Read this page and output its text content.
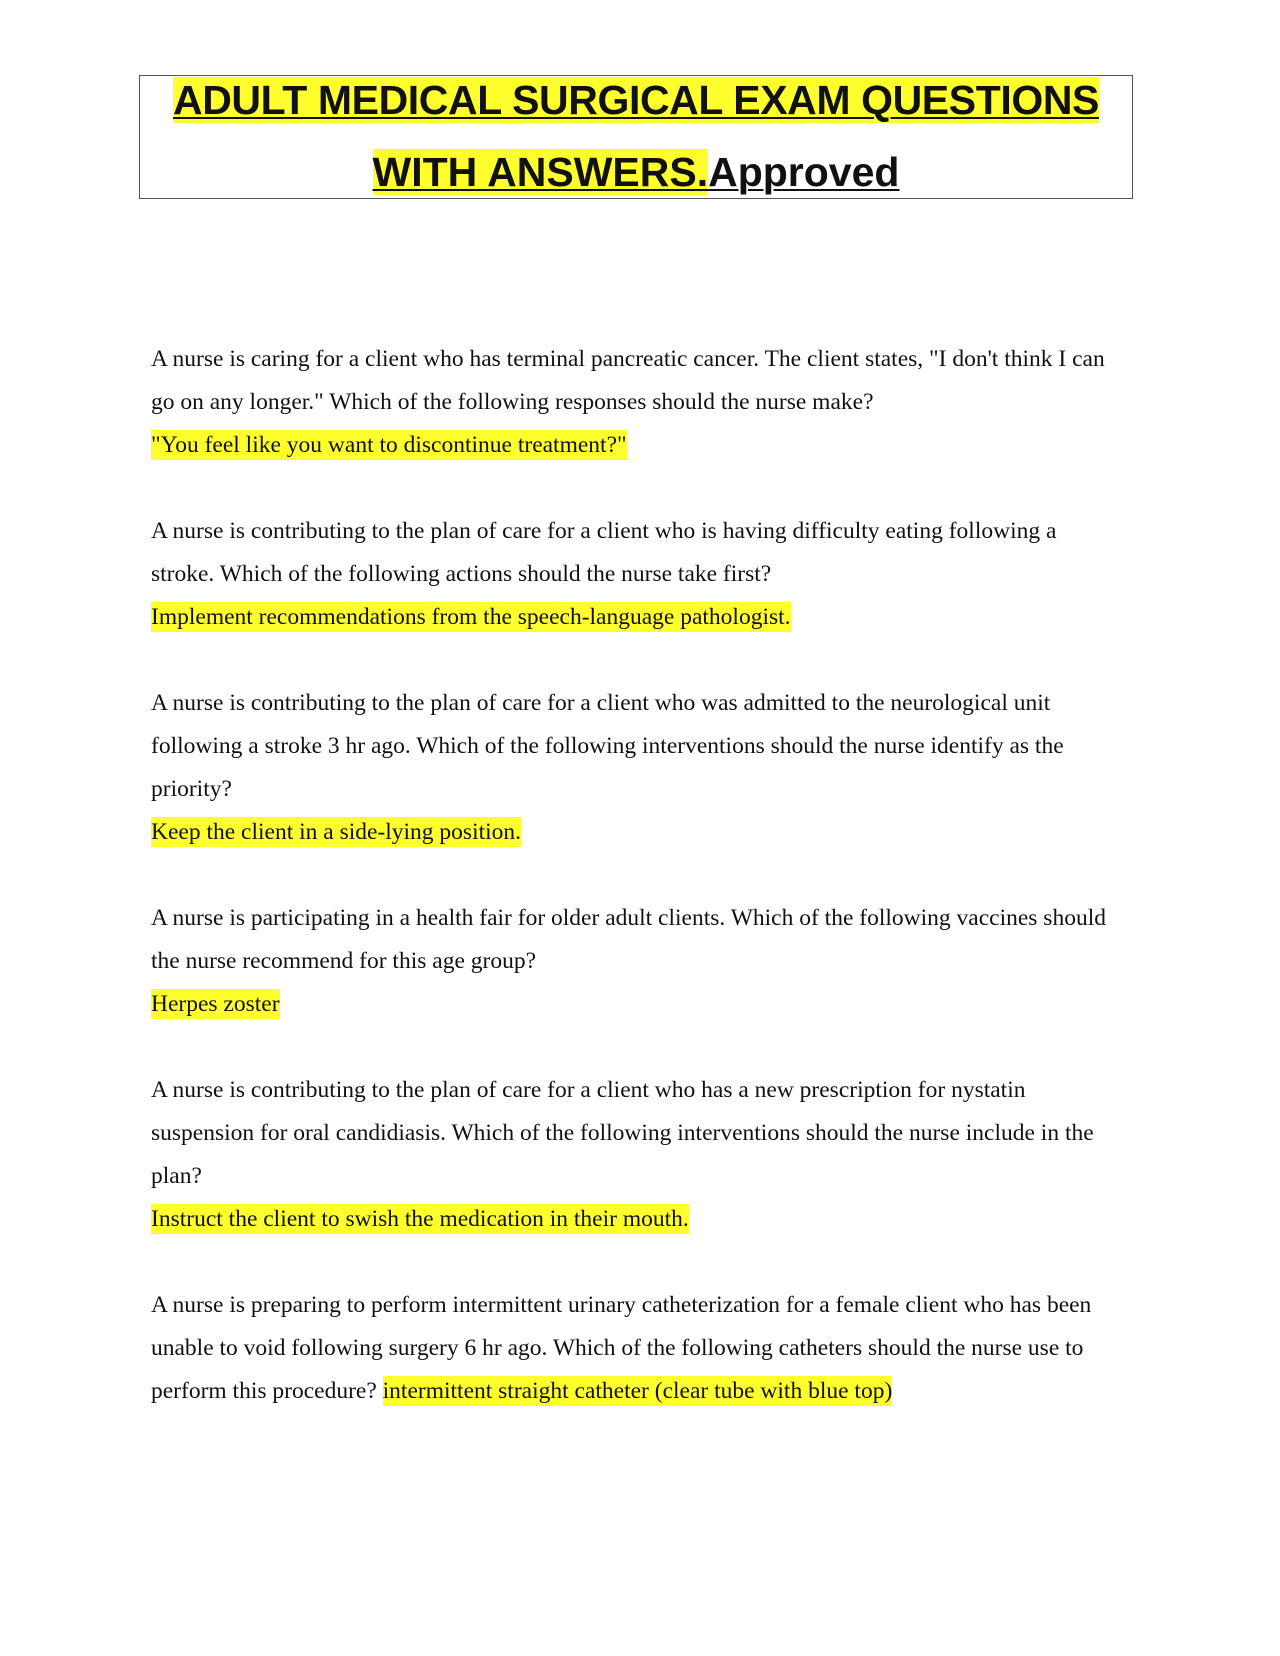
ADULT MEDICAL SURGICAL EXAM QUESTIONS
WITH ANSWERS.Approved

A nurse is caring for a client who has terminal pancreatic cancer. The client states, "I don't think I can go on any longer." Which of the following responses should the nurse make?

"You feel like you want to discontinue treatment?"

A nurse is contributing to the plan of care for a client who is having difficulty eating following a stroke. Which of the following actions should the nurse take first?

Implement recommendations from the speech-language pathologist.

A nurse is contributing to the plan of care for a client who was admitted to the neurological unit following a stroke 3 hr ago. Which of the following interventions should the nurse identify as the priority?

Keep the client in a side-lying position.

A nurse is participating in a health fair for older adult clients. Which of the following vaccines should the nurse recommend for this age group?

Herpes zoster

A nurse is contributing to the plan of care for a client who has a new prescription for nystatin suspension for oral candidiasis. Which of the following interventions should the nurse include in the plan?

Instruct the client to swish the medication in their mouth.

A nurse is preparing to perform intermittent urinary catheterization for a female client who has been unable to void following surgery 6 hr ago. Which of the following catheters should the nurse use to perform this procedure? intermittent straight catheter (clear tube with blue top)
